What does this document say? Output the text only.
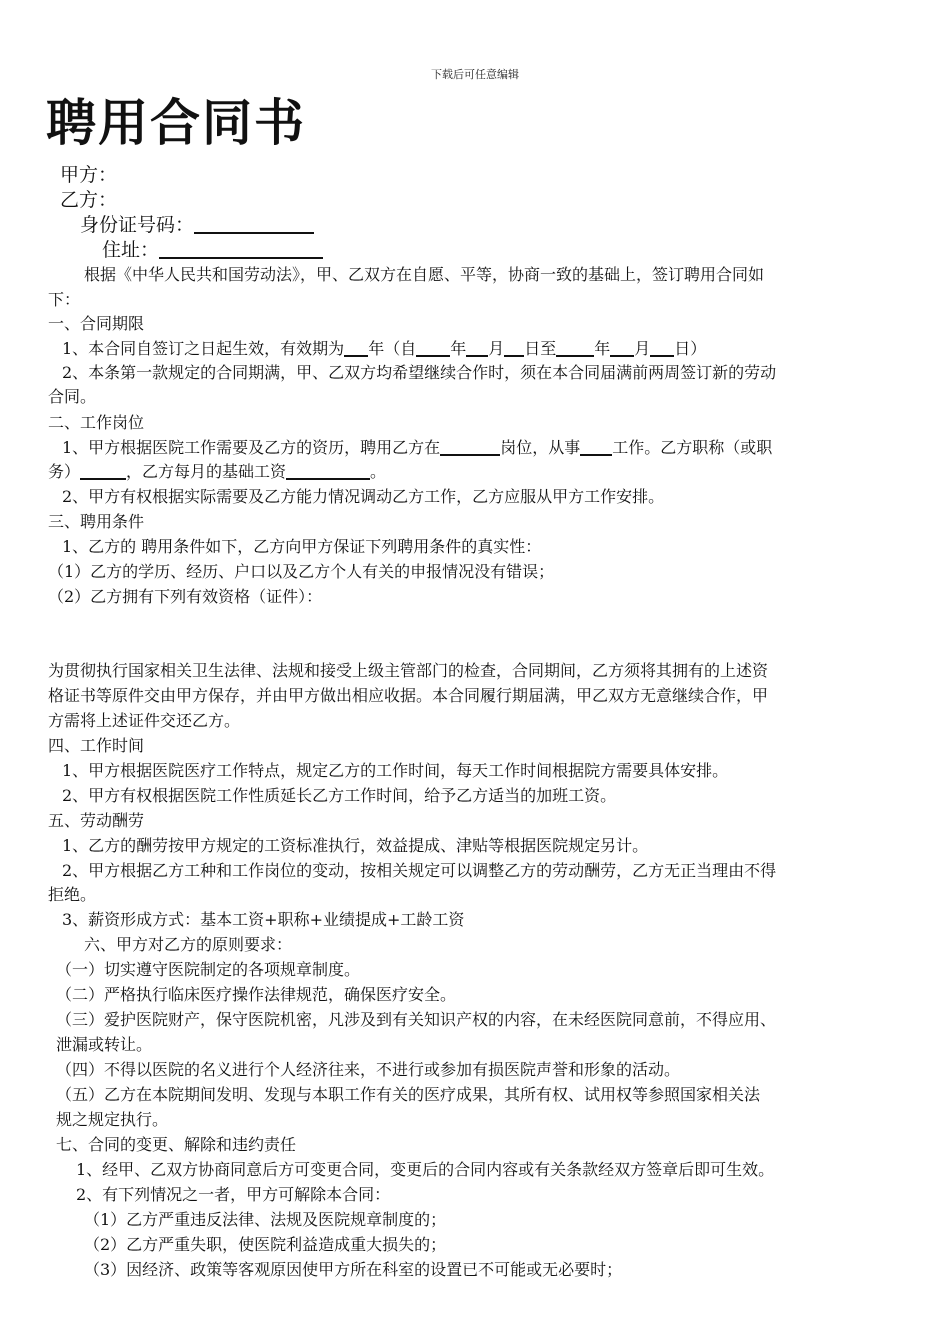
下载后可任意编辑
聘用合同书
甲方：
乙方：
身份证号码：
住址：
根据《中华人民共和国劳动法》，甲、乙双方在自愿、平等，协商一致的基础上，签订聘用合同如
下：
一、合同期限
1、本合同自签订之日起生效，有效期为 年（自 年 月 日至 年 月 日）
2、本条第一款规定的合同期满，甲、乙双方均希望继续合作时，须在本合同届满前两周签订新的劳动
合同。
二、工作岗位
1、甲方根据医院工作需要及乙方的资历，聘用乙方在	岗位，从事 工作。乙方职称（或职
务）	，乙方每月的基础工资	。
2、甲方有权根据实际需要及乙方能力情况调动乙方工作，乙方应服从甲方工作安排。
三、聘用条件
1、乙方的 聘用条件如下，乙方向甲方保证下列聘用条件的真实性：
（1）乙方的学历、经历、户口以及乙方个人有关的申报情况没有错误；
（2）乙方拥有下列有效资格（证件）：
为贯彻执行国家相关卫生法律、法规和接受上级主管部门的检查，合同期间，乙方须将其拥有的上述资
格证书等原件交由甲方保存，并由甲方做出相应收据。本合同履行期届满，甲乙双方无意继续合作，甲
方需将上述证件交还乙方。
四、工作时间
1、甲方根据医院医疗工作特点，规定乙方的工作时间，每天工作时间根据院方需要具体安排。
2、甲方有权根据医院工作性质延长乙方工作时间，给予乙方适当的加班工资。
五、劳动酬劳
1、乙方的酬劳按甲方规定的工资标准执行，效益提成、津贴等根据医院规定另计。
2、甲方根据乙方工种和工作岗位的变动，按相关规定可以调整乙方的劳动酬劳，乙方无正当理由不得
拒绝。
3、薪资形成方式：基本工资+职称+业绩提成+工龄工资
六、甲方对乙方的原则要求：
（一）切实遵守医院制定的各项规章制度。
（二）严格执行临床医疗操作法律规范，确保医疗安全。
（三）爱护医院财产，保守医院机密，凡涉及到有关知识产权的内容，在未经医院同意前，不得应用、
泄漏或转让。
（四）不得以医院的名义进行个人经济往来，不进行或参加有损医院声誉和形象的活动。
（五）乙方在本院期间发明、发现与本职工作有关的医疗成果，其所有权、试用权等参照国家相关法
规之规定执行。
七、合同的变更、解除和违约责任
1、经甲、乙双方协商同意后方可变更合同，变更后的合同内容或有关条款经双方签章后即可生效。
2、有下列情况之一者，甲方可解除本合同：
（1）乙方严重违反法律、法规及医院规章制度的；
（2）乙方严重失职，使医院利益造成重大损失的；
（3）因经济、政策等客观原因使甲方所在科室的设置已不可能或无必要时；
